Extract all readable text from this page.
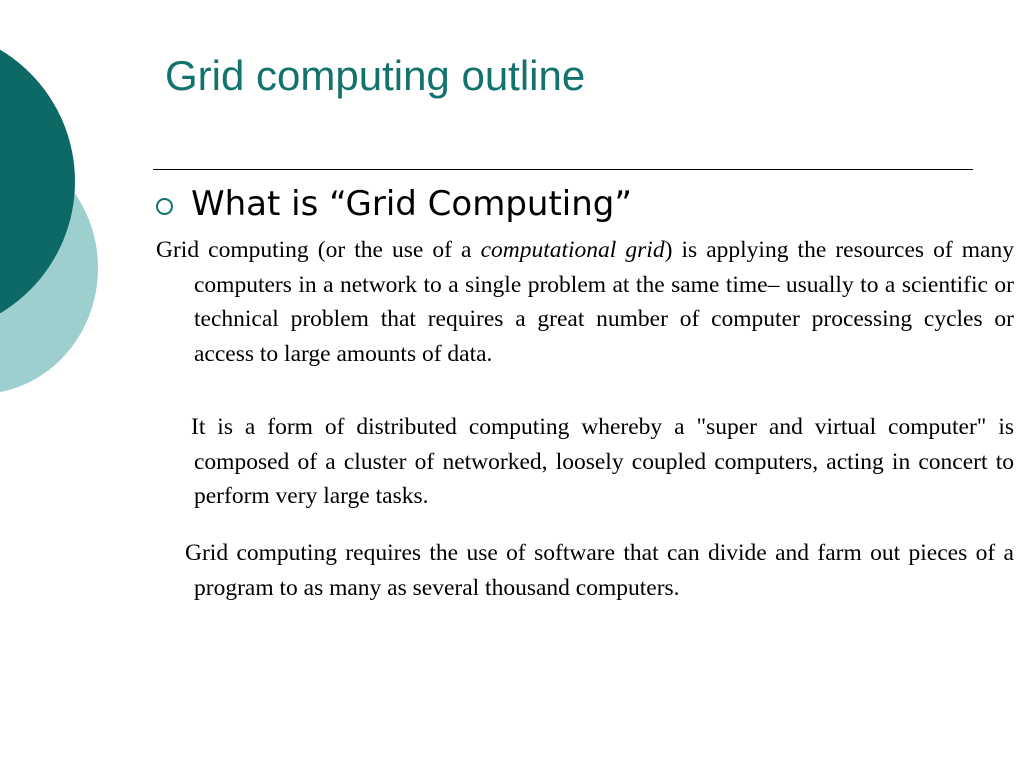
Grid computing outline
What is “Grid Computing”

Grid computing (or the use of a computational grid) is applying the resources of many computers in a network to a single problem at the same time– usually to a scientific or technical problem that requires a great number of computer processing cycles or access to large amounts of data.

It is a form of distributed computing whereby a "super and virtual computer" is composed of a cluster of networked, loosely coupled computers, acting in concert to perform very large tasks.

Grid computing requires the use of software that can divide and farm out pieces of a program to as many as several thousand computers.
